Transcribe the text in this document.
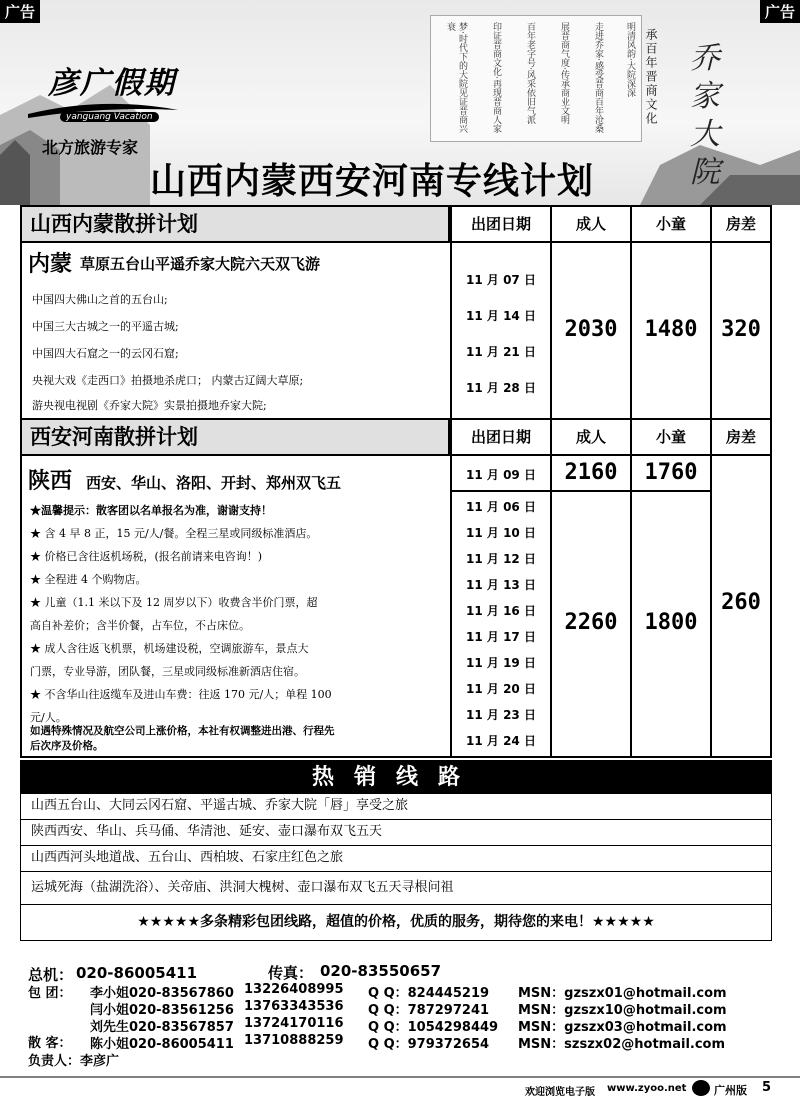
梦·时代下的大院见证晋商兴衰	印证晋商文化·再现晋商人家	百年老字号·风采依旧气派	展晋商气度·传承商业文明	走进乔家·感受晋商百年沧桑	明清风韵·大院深深 承百年晋商文化 乔家大院
彦广假期
yanguang Vacation
北方旅游专家
山西内蒙西安河南专线计划
广告	广告
山西内蒙散拼计划	出团日期	成人	小童	房差
内蒙 草原五台山平遥乔家大院六天双飞游
中国四大佛山之首的五台山;
中国三大古城之一的平遥古城;
中国四大石窟之一的云冈石窟;
央视大戏《走西口》拍摄地杀虎口； 内蒙古辽阔大草原;
游央视电视剧《乔家大院》实景拍摄地乔家大院;
11 月 07 日
11 月 14 日
11 月 21 日
11 月 28 日
2030	1480	320
西安河南散拼计划	出团日期	成人	小童	房差
陕西 西安、华山、洛阳、开封、郑州双飞五
★温馨提示：散客团以名单报名为准，谢谢支持！
★ 含 4 早 8 正，15 元/人/餐。全程三星或同级标准酒店。
★ 价格已含往返机场税，(报名前请来电咨询！)
★ 全程进 4 个购物店。
★ 儿童（1.1 米以下及 12 周岁以下）收费含半价门票，超
高自补差价；含半价餐，占车位，不占床位。
★ 成人含往返飞机票，机场建设税，空调旅游车，景点大
门票，专业导游，团队餐，三星或同级标准新酒店住宿。
★ 不含华山往返缆车及进山车费：往返 170 元/人；单程 100
元/人。
如遇特殊情况及航空公司上涨价格，本社有权调整进出港、行程先
后次序及价格。
11 月 09 日	2160	1760
11 月 06 日
11 月 10 日
11 月 12 日
11 月 13 日
11 月 16 日
11 月 17 日
11 月 19 日
11 月 20 日
11 月 23 日
11 月 24 日
2260	1800
260
热销线路
山西五台山、大同云冈石窟、平遥古城、乔家大院「唇」享受之旅
陕西西安、华山、兵马俑、华清池、延安、壶口瀑布双飞五天
山西西河头地道战、五台山、西柏坡、石家庄红色之旅
运城死海（盐湖洗浴）、关帝庙、洪洞大槐树、壶口瀑布双飞五天寻根问祖
★★★★★多条精彩包团线路，超值的价格，优质的服务，期待您的来电！★★★★★
总机： 020-86005411	传真： 020-83550657
包 团：
散 客：
负责人： 李彦广
李小姐020-83567860 13226408995 Q Q：824445219 MSN：gzszx01@hotmail.com
闫小姐020-83561256 13763343536 Q Q：787297241 MSN：gzszx10@hotmail.com
刘先生020-83567857 13724170116 Q Q：1054298449 MSN：gzszx03@hotmail.com
陈小姐020-86005411 13710888259 Q Q：979372654 MSN：szszx02@hotmail.com
欢迎浏览电子版 www.zyoo.net	广州版 5
